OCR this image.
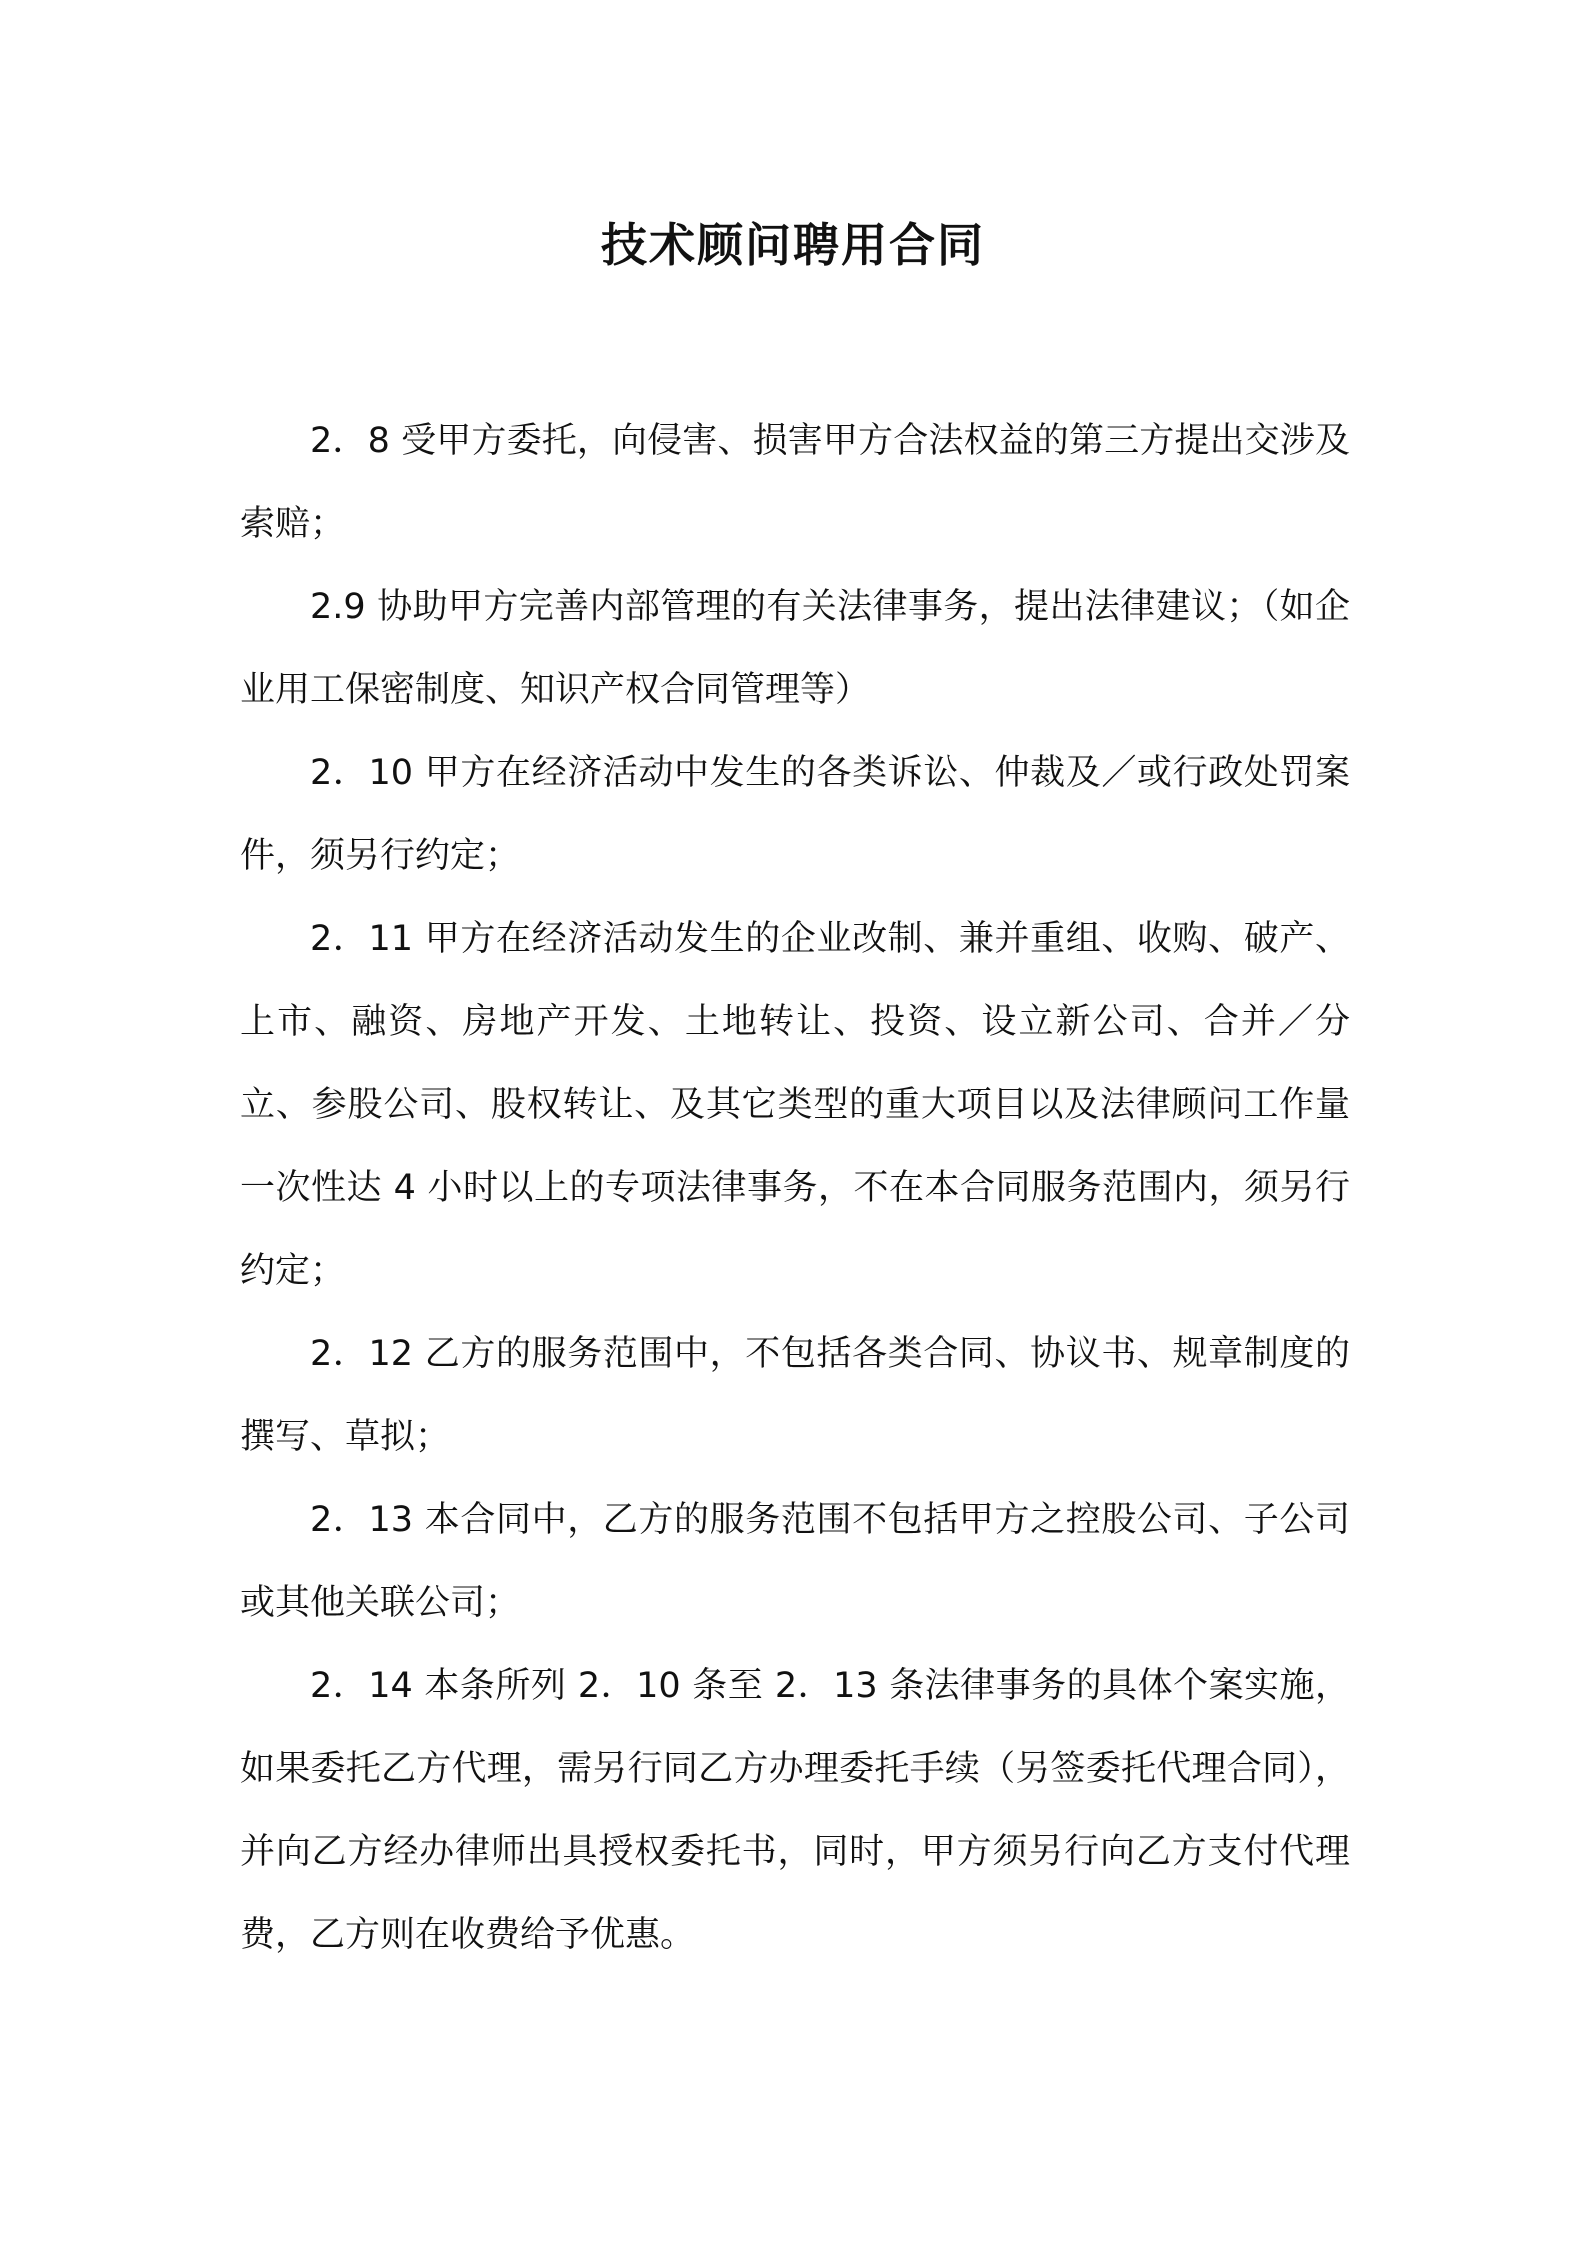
技术顾问聘用合同

2．8 受甲方委托，向侵害、损害甲方合法权益的第三方提出交涉及索赔；

2.9 协助甲方完善内部管理的有关法律事务，提出法律建议；（如企业用工保密制度、知识产权合同管理等）

2．10 甲方在经济活动中发生的各类诉讼、仲裁及／或行政处罚案件，须另行约定；

2．11 甲方在经济活动发生的企业改制、兼并重组、收购、破产、上市、融资、房地产开发、土地转让、投资、设立新公司、合并／分立、参股公司、股权转让、及其它类型的重大项目以及法律顾问工作量一次性达 4 小时以上的专项法律事务，不在本合同服务范围内，须另行约定；

2．12 乙方的服务范围中，不包括各类合同、协议书、规章制度的撰写、草拟；

2．13 本合同中，乙方的服务范围不包括甲方之控股公司、子公司或其他关联公司；

2．14 本条所列 2．10 条至 2．13 条法律事务的具体个案实施，如果委托乙方代理，需另行同乙方办理委托手续（另签委托代理合同），并向乙方经办律师出具授权委托书，同时，甲方须另行向乙方支付代理费，乙方则在收费给予优惠。
